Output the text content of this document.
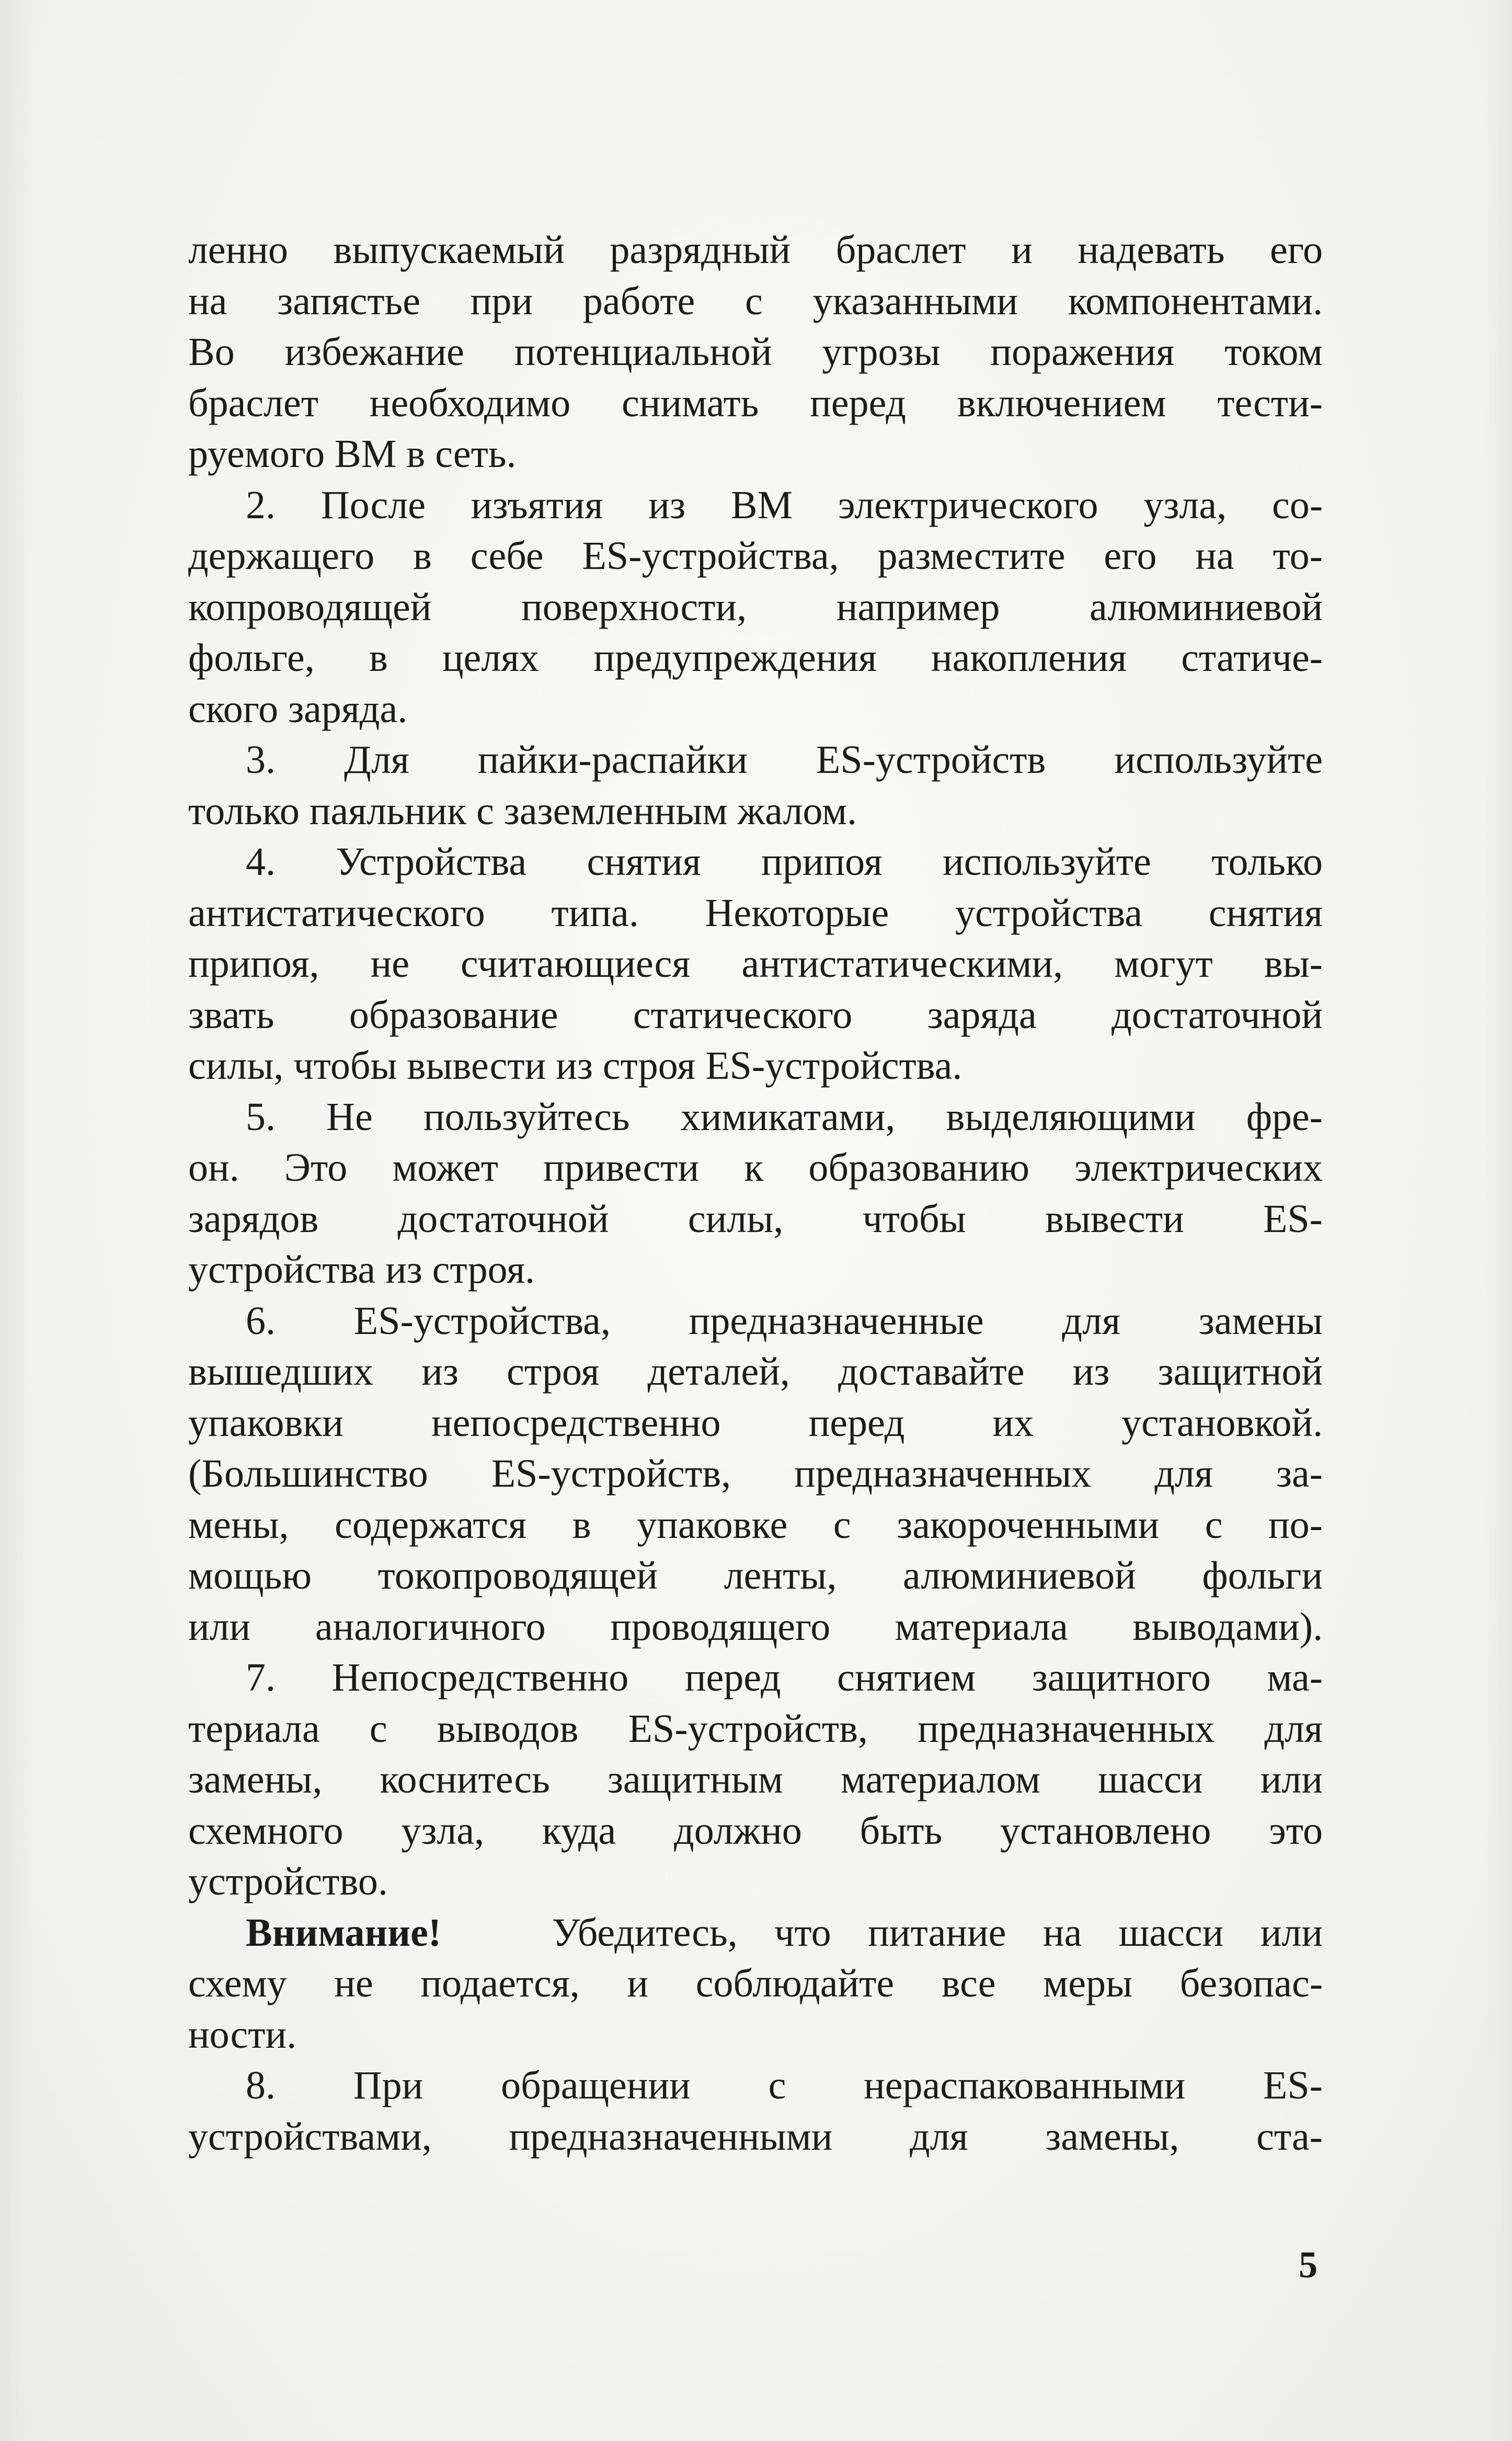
ленно выпускаемый разрядный браслет и надевать его
на запястье при работе с указанными компонентами.
Во избежание потенциальной угрозы поражения током
браслет необходимо снимать перед включением тести-
руемого ВМ в сеть.
2. После изъятия из ВМ электрического узла, со-
держащего в себе ES-устройства, разместите его на то-
копроводящей поверхности, например алюминиевой
фольге, в целях предупреждения накопления статиче-
ского заряда.
3. Для пайки-распайки ES-устройств используйте
только паяльник с заземленным жалом.
4. Устройства снятия припоя используйте только
антистатического типа. Некоторые устройства снятия
припоя, не считающиеся антистатическими, могут вы-
звать образование статического заряда достаточной
силы, чтобы вывести из строя ES-устройства.
5. Не пользуйтесь химикатами, выделяющими фре-
он. Это может привести к образованию электрических
зарядов достаточной силы, чтобы вывести ES-
устройства из строя.
6. ES-устройства, предназначенные для замены
вышедших из строя деталей, доставайте из защитной
упаковки непосредственно перед их установкой.
(Большинство ES-устройств, предназначенных для за-
мены, содержатся в упаковке с закороченными с по-
мощью токопроводящей ленты, алюминиевой фольги
или аналогичного проводящего материала выводами).
7. Непосредственно перед снятием защитного ма-
териала с выводов ES-устройств, предназначенных для
замены, коснитесь защитным материалом шасси или
схемного узла, куда должно быть установлено это
устройство.
Внимание!	Убедитесь, что питание на шасси или
схему не подается, и соблюдайте все меры безопас-
ности.
8. При обращении с нераспакованными ES-
устройствами, предназначенными для замены, ста-
5
